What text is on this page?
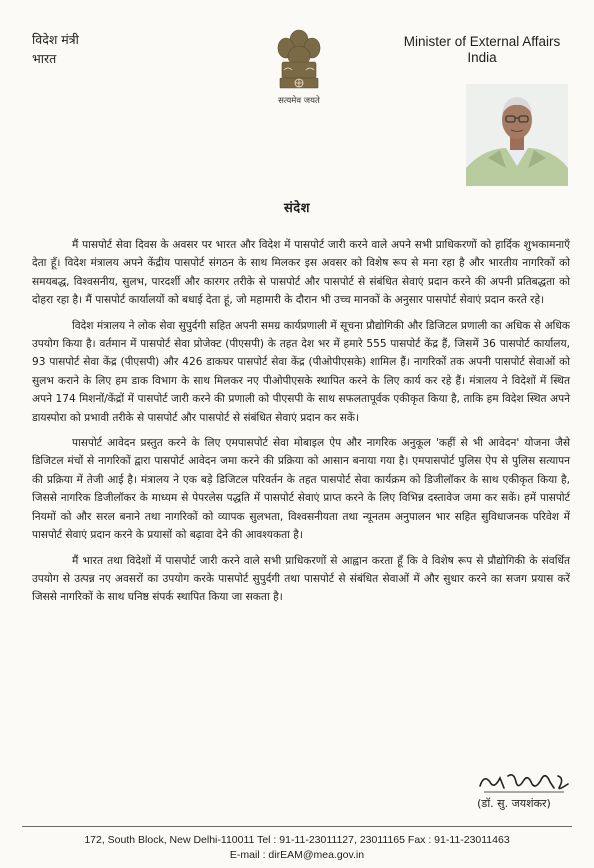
विदेश मंत्री
भारत
सत्यमेव जयते
Minister of External Affairs
India
संदेश

मैं पासपोर्ट सेवा दिवस के अवसर पर भारत और विदेश में पासपोर्ट जारी करने वाले अपने सभी प्राधिकरणों को हार्दिक शुभकामनाएँ देता हूँ। विदेश मंत्रालय अपने केंद्रीय पासपोर्ट संगठन के साथ मिलकर इस अवसर को विशेष रूप से मना रहा है और भारतीय नागरिकों को समयबद्ध, विश्वसनीय, सुलभ, पारदर्शी और कारगर तरीके से पासपोर्ट और पासपोर्ट से संबंधित सेवाएं प्रदान करने की अपनी प्रतिबद्धता को दोहरा रहा है। मैं पासपोर्ट कार्यालयों को बधाई देता हूं, जो महामारी के दौरान भी उच्च मानकों के अनुसार पासपोर्ट सेवाएं प्रदान करते रहे।

विदेश मंत्रालय ने लोक सेवा सुपुर्दगी सहित अपनी समग्र कार्यप्रणाली में सूचना प्रौद्योगिकी और डिजिटल प्रणाली का अधिक से अधिक उपयोग किया है। वर्तमान में पासपोर्ट सेवा प्रोजेक्ट (पीएसपी) के तहत देश भर में हमारे 555 पासपोर्ट केंद्र हैं, जिसमें 36 पासपोर्ट कार्यालय, 93 पासपोर्ट सेवा केंद्र (पीएसपी) और 426 डाकघर पासपोर्ट सेवा केंद्र (पीओपीएसके) शामिल हैं। नागरिकों तक अपनी पासपोर्ट सेवाओं को सुलभ कराने के लिए हम डाक विभाग के साथ मिलकर नए पीओपीएसके स्थापित करने के लिए कार्य कर रहे हैं। मंत्रालय ने विदेशों में स्थित अपने 174 मिशनों/केंद्रों में पासपोर्ट जारी करने की प्रणाली को पीएसपी के साथ सफलतापूर्वक एकीकृत किया है, ताकि हम विदेश स्थित अपने डायस्पोरा को प्रभावी तरीके से पासपोर्ट और पासपोर्ट से संबंधित सेवाएं प्रदान कर सकें।

पासपोर्ट आवेदन प्रस्तुत करने के लिए एमपासपोर्ट सेवा मोबाइल ऐप और नागरिक अनुकूल 'कहीं से भी आवेदन' योजना जैसे डिजिटल मंचों से नागरिकों द्वारा पासपोर्ट आवेदन जमा करने की प्रक्रिया को आसान बनाया गया है। एमपासपोर्ट पुलिस ऐप से पुलिस सत्यापन की प्रक्रिया में तेजी आई है। मंत्रालय ने एक बड़े डिजिटल परिवर्तन के तहत पासपोर्ट सेवा कार्यक्रम को डिजीलॉकर के साथ एकीकृत किया है, जिससे नागरिक डिजीलॉकर के माध्यम से पेपरलेस पद्धति में पासपोर्ट सेवाएं प्राप्त करने के लिए विभिन्न दस्तावेज जमा कर सकें। हमें पासपोर्ट नियमों को और सरल बनाने तथा नागरिकों को व्यापक सुलभता, विश्वसनीयता तथा न्यूनतम अनुपालन भार सहित सुविधाजनक परिवेश में पासपोर्ट सेवाएं प्रदान करने के प्रयासों को बढ़ावा देने की आवश्यकता है।

मैं भारत तथा विदेशों में पासपोर्ट जारी करने वाले सभी प्राधिकरणों से आह्वान करता हूँ कि वे विशेष रूप से प्रौद्योगिकी के संवर्धित उपयोग से उत्पन्न नए अवसरों का उपयोग करके पासपोर्ट सुपुर्दगी तथा पासपोर्ट से संबंधित सेवाओं में और सुधार करने का सजग प्रयास करें जिससे नागरिकों के साथ घनिष्ठ संपर्क स्थापित किया जा सकता है।

(डॉ. सु. जयशंकर)
172, South Block, New Delhi-110011 Tel : 91-11-23011127, 23011165 Fax : 91-11-23011463
E-mail : dirEAM@mea.gov.in
